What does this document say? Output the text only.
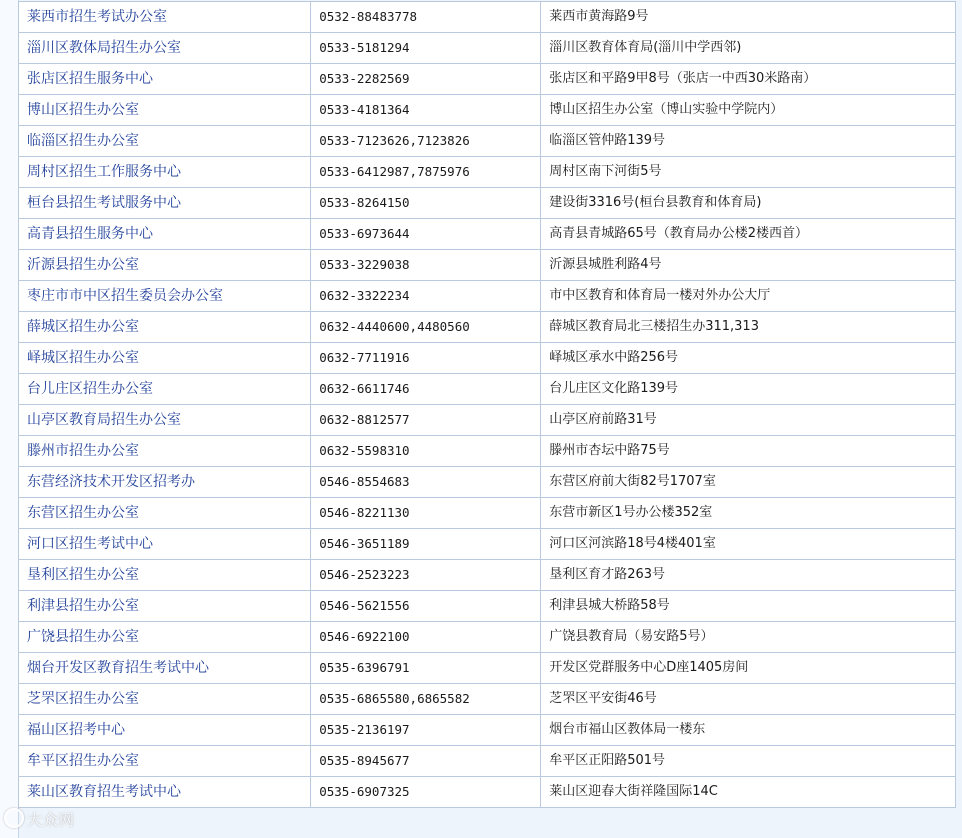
莱西市招生考试办公室	0532-88483778	莱西市黄海路9号
淄川区教体局招生办公室	0533-5181294	淄川区教育体育局(淄川中学西邻)
张店区招生服务中心	0533-2282569	张店区和平路9甲8号（张店一中西30米路南）
博山区招生办公室	0533-4181364	博山区招生办公室（博山实验中学院内）
临淄区招生办公室	0533-7123626,7123826	临淄区管仲路139号
周村区招生工作服务中心	0533-6412987,7875976	周村区南下河街5号
桓台县招生考试服务中心	0533-8264150	建设街3316号(桓台县教育和体育局)
高青县招生服务中心	0533-6973644	高青县青城路65号（教育局办公楼2楼西首）
沂源县招生办公室	0533-3229038	沂源县城胜利路4号
枣庄市市中区招生委员会办公室	0632-3322234	市中区教育和体育局一楼对外办公大厅
薛城区招生办公室	0632-4440600,4480560	薛城区教育局北三楼招生办311,313
峄城区招生办公室	0632-7711916	峄城区承水中路256号
台儿庄区招生办公室	0632-6611746	台儿庄区文化路139号
山亭区教育局招生办公室	0632-8812577	山亭区府前路31号
滕州市招生办公室	0632-5598310	滕州市杏坛中路75号
东营经济技术开发区招考办	0546-8554683	东营区府前大街82号1707室
东营区招生办公室	0546-8221130	东营市新区1号办公楼352室
河口区招生考试中心	0546-3651189	河口区河滨路18号4楼401室
垦利区招生办公室	0546-2523223	垦利区育才路263号
利津县招生办公室	0546-5621556	利津县城大桥路58号
广饶县招生办公室	0546-6922100	广饶县教育局（易安路5号）
烟台开发区教育招生考试中心	0535-6396791	开发区党群服务中心D座1405房间
芝罘区招生办公室	0535-6865580,6865582	芝罘区平安街46号
福山区招考中心	0535-2136197	烟台市福山区教体局一楼东
牟平区招生办公室	0535-8945677	牟平区正阳路501号
莱山区教育招生考试中心	0535-6907325	莱山区迎春大街祥隆国际14C
大众网
